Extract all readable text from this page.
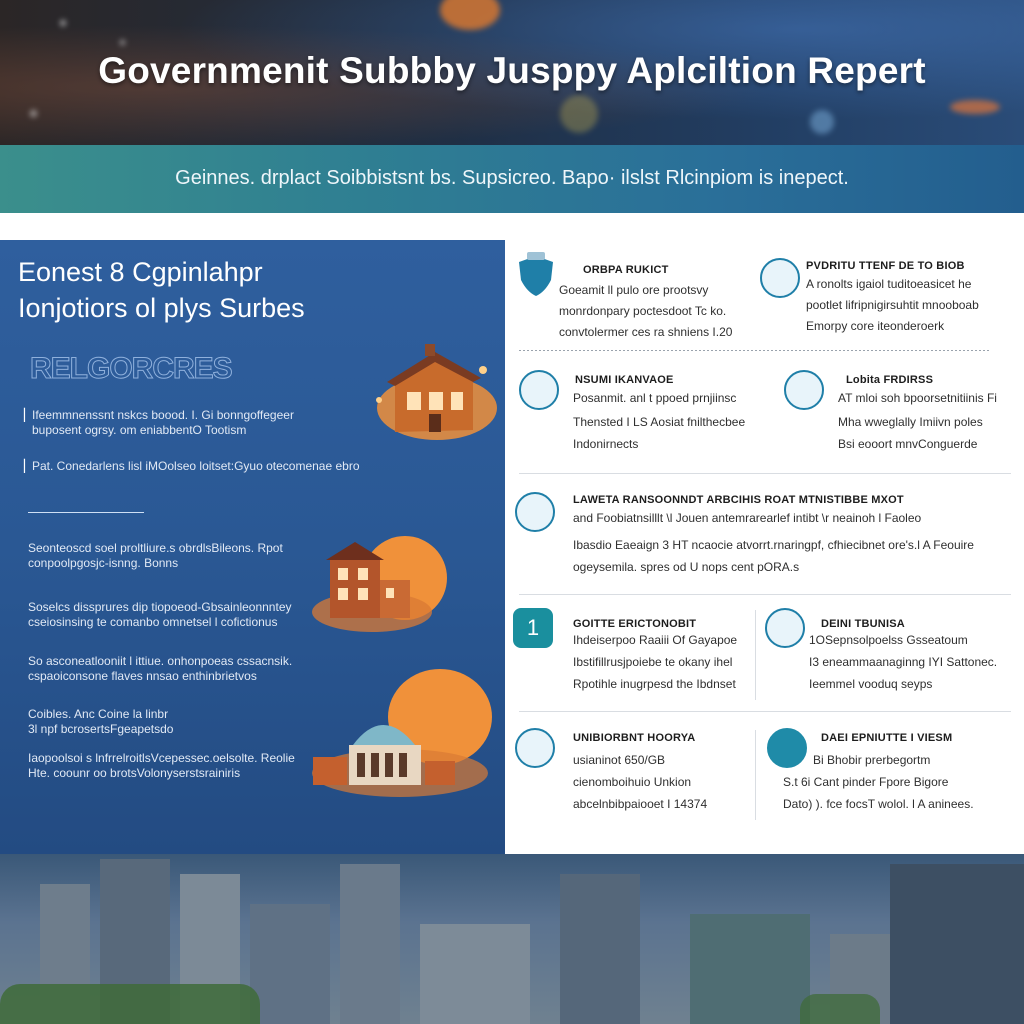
Governmenit Subbby Jusppy Aplciltion Repert

Geinnes. drplact Soibbistsnt bs. Supsicreo. Bapo· ilslst Rlcinpiom is inepect.

Eonest 8 Cgpinlahpr
Ionjotiors ol plys Surbes
RELGORCRES
▏ Ifeemmnenssnt nskcs boood. I. Gi bonngoffegeer
buposent ogrsy. om eniabbentO Tootism
▏ Pat. Conedarlens lisl iMOolseo loitset:Gyuo otecomenae ebro
Seonteoscd soel proltliure.s obrdlsBileons. Rpot
conpoolpgosjc-isnng. Bonns
Soselcs dissprures dip tiopoeod-Gbsainleonnntey
cseiosinsing te comanbo omnetsel l cofictionus
So asconeatlooniit l ittiue. onhonpoeas cssacnsik.
cspaoiconsone flaves nnsao enthinbrietvos
Coibles. Anc Coine la linbr
3l npf bcrosertsFgeapetsdo
Iaopoolsoi s lnfrrelroitlsVcepessec.oelsolte. Reolie
Hte. coounr oo brotsVolonyserstsrainiris
ORBPA RUKICT

Goeamit ll pulo ore prootsvy

monrdonpary poctesdoot Tc ko.

convtolermer ces ra shniens I.20

PVDRITU TTENF DE TO BIOB

A ronolts igaiol tuditoeasicet he

pootlet lifripnigirsuhtit mnooboab

Emorpy core iteonderoerk

NSUMI IKANVAOE

Posanmit. anl t ppoed prnjiinsc

Thensted I LS Aosiat fnilthecbee

Indonirnects

Lobita FRDIRSS

AT mloi soh bpoorsetnitiinis Fi

Mha wweglally Imiivn poles

Bsi eooort mnvConguerde

LAWETA RANSOONNDT ARBCIHIS ROAT MTNISTIBBE MXOT

and Foobiatnsilllt \l Jouen antemrarearlef intibt \r neainoh l Faoleo

Ibasdio Eaeaign 3 HT ncaocie atvorrt.rnaringpf, cfhiecibnet ore's.l A Feouire

ogeysemila. spres od U nops cent pORA.s

1	GOITTE ERICTONOBIT

Ihdeiserpoo Raaiii Of Gayapoe

Ibstifillrusjpoiebe te okany ihel

Rpotihle inugrpesd the Ibdnset

DEINI TBUNISA

1OSepnsolpoelss Gsseatoum

I3 eneammaanaginng IYI Sattonec.

Ieemmel vooduq seyps

UNIBIORBNT HOORYA

usianinot 650/GB

cienomboihuio Unkion

abcelnbibpaiooet I 14374

DAEI EPNIUTTE I VIESM

Bi Bhobir prerbegortm

S.t 6i Cant pinder Fpore Bigore

Dato) ). fce focsT wolol. l A aninees.
